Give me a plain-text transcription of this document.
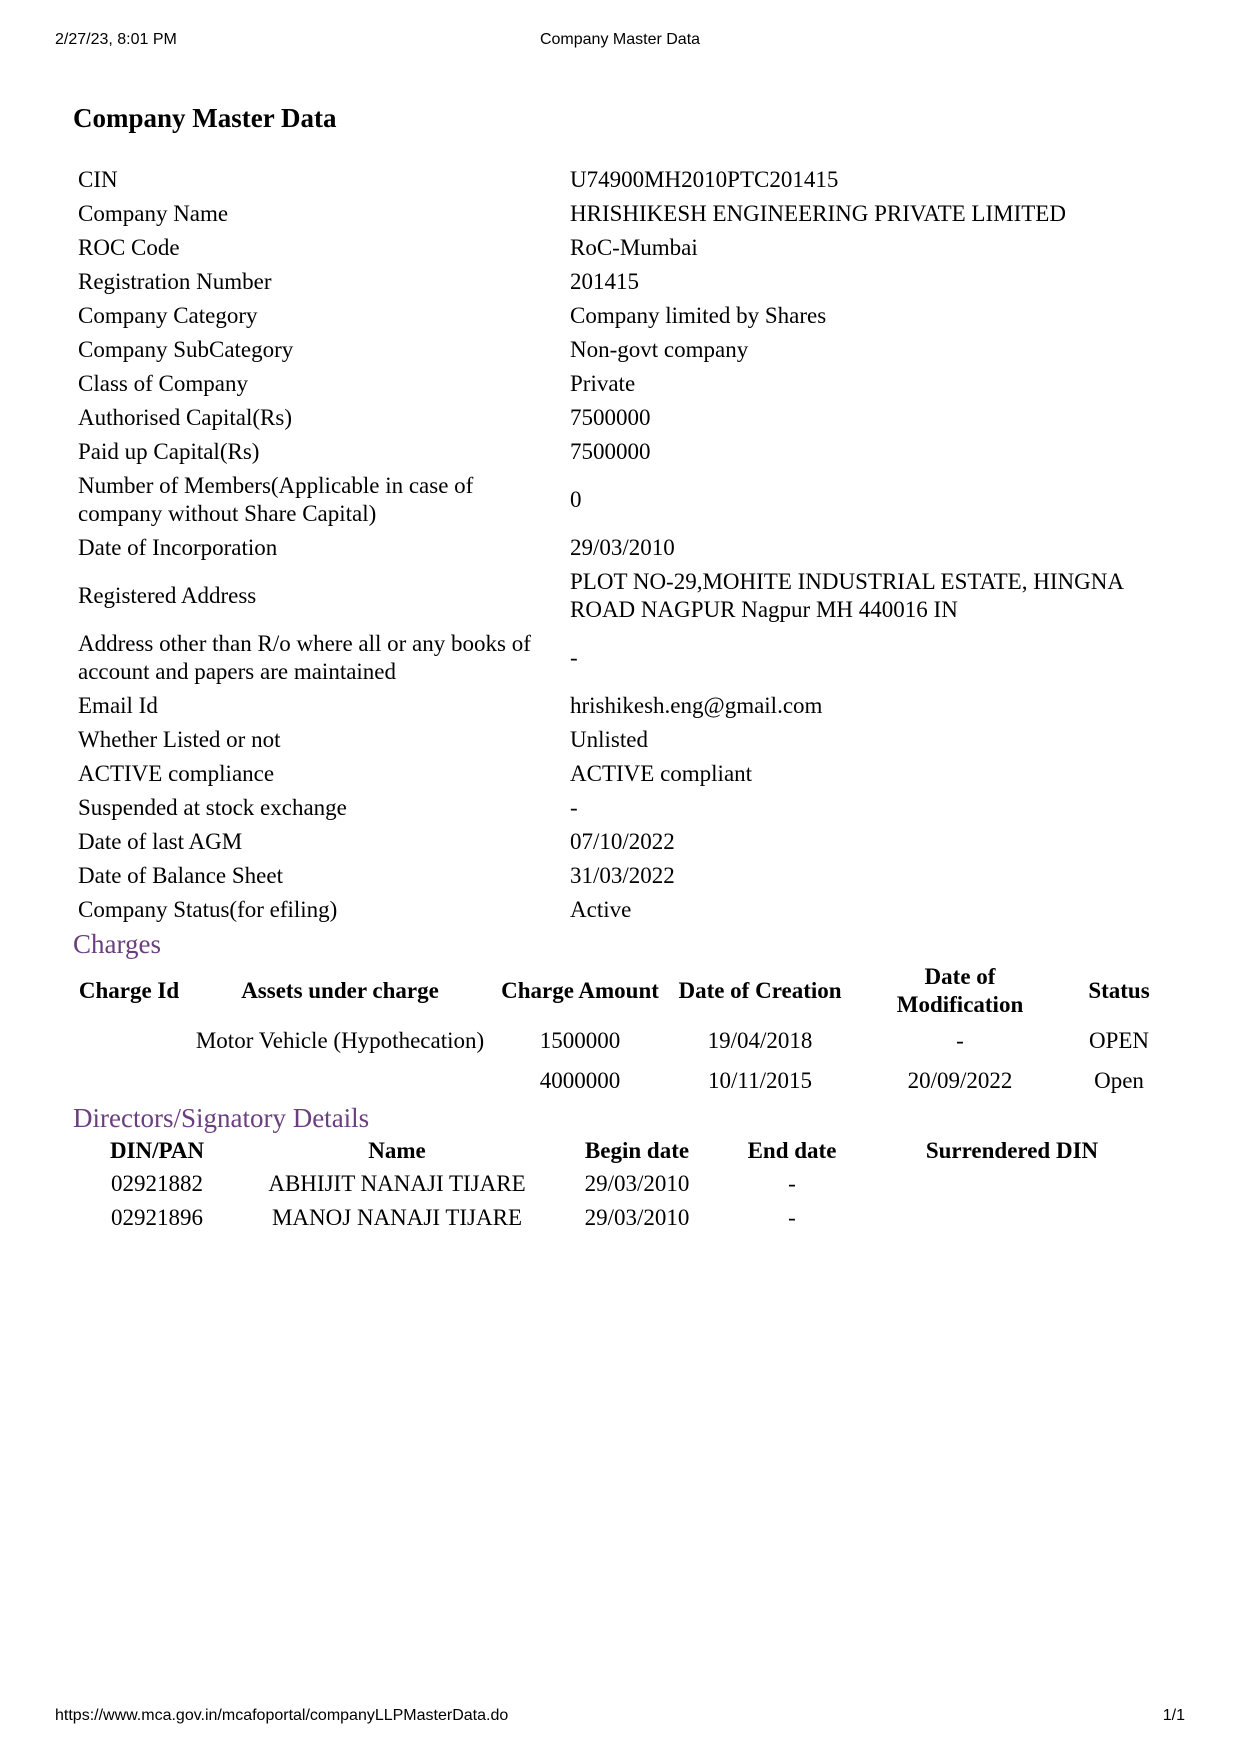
2/27/23, 8:01 PM	Company Master Data
Company Master Data
CIN	U74900MH2010PTC201415
Company Name	HRISHIKESH ENGINEERING PRIVATE LIMITED
ROC Code	RoC-Mumbai
Registration Number	201415
Company Category	Company limited by Shares
Company SubCategory	Non-govt company
Class of Company	Private
Authorised Capital(Rs)	7500000
Paid up Capital(Rs)	7500000
Number of Members(Applicable in case of company without Share Capital)	0
Date of Incorporation	29/03/2010
Registered Address	PLOT NO-29,MOHITE INDUSTRIAL ESTATE, HINGNA ROAD NAGPUR Nagpur MH 440016 IN
Address other than R/o where all or any books of account and papers are maintained	-
Email Id	hrishikesh.eng@gmail.com
Whether Listed or not	Unlisted
ACTIVE compliance	ACTIVE compliant
Suspended at stock exchange	-
Date of last AGM	07/10/2022
Date of Balance Sheet	31/03/2022
Company Status(for efiling)	Active
Charges
Charge Id	Assets under charge	Charge Amount	Date of Creation	Date of Modification	Status
	Motor Vehicle (Hypothecation)	1500000	19/04/2018	-	OPEN
		4000000	10/11/2015	20/09/2022	Open
Directors/Signatory Details
DIN/PAN	Name	Begin date	End date	Surrendered DIN
02921882	ABHIJIT NANAJI TIJARE	29/03/2010	-	
02921896	MANOJ NANAJI TIJARE	29/03/2010	-	
https://www.mca.gov.in/mcafoportal/companyLLPMasterData.do	1/1
